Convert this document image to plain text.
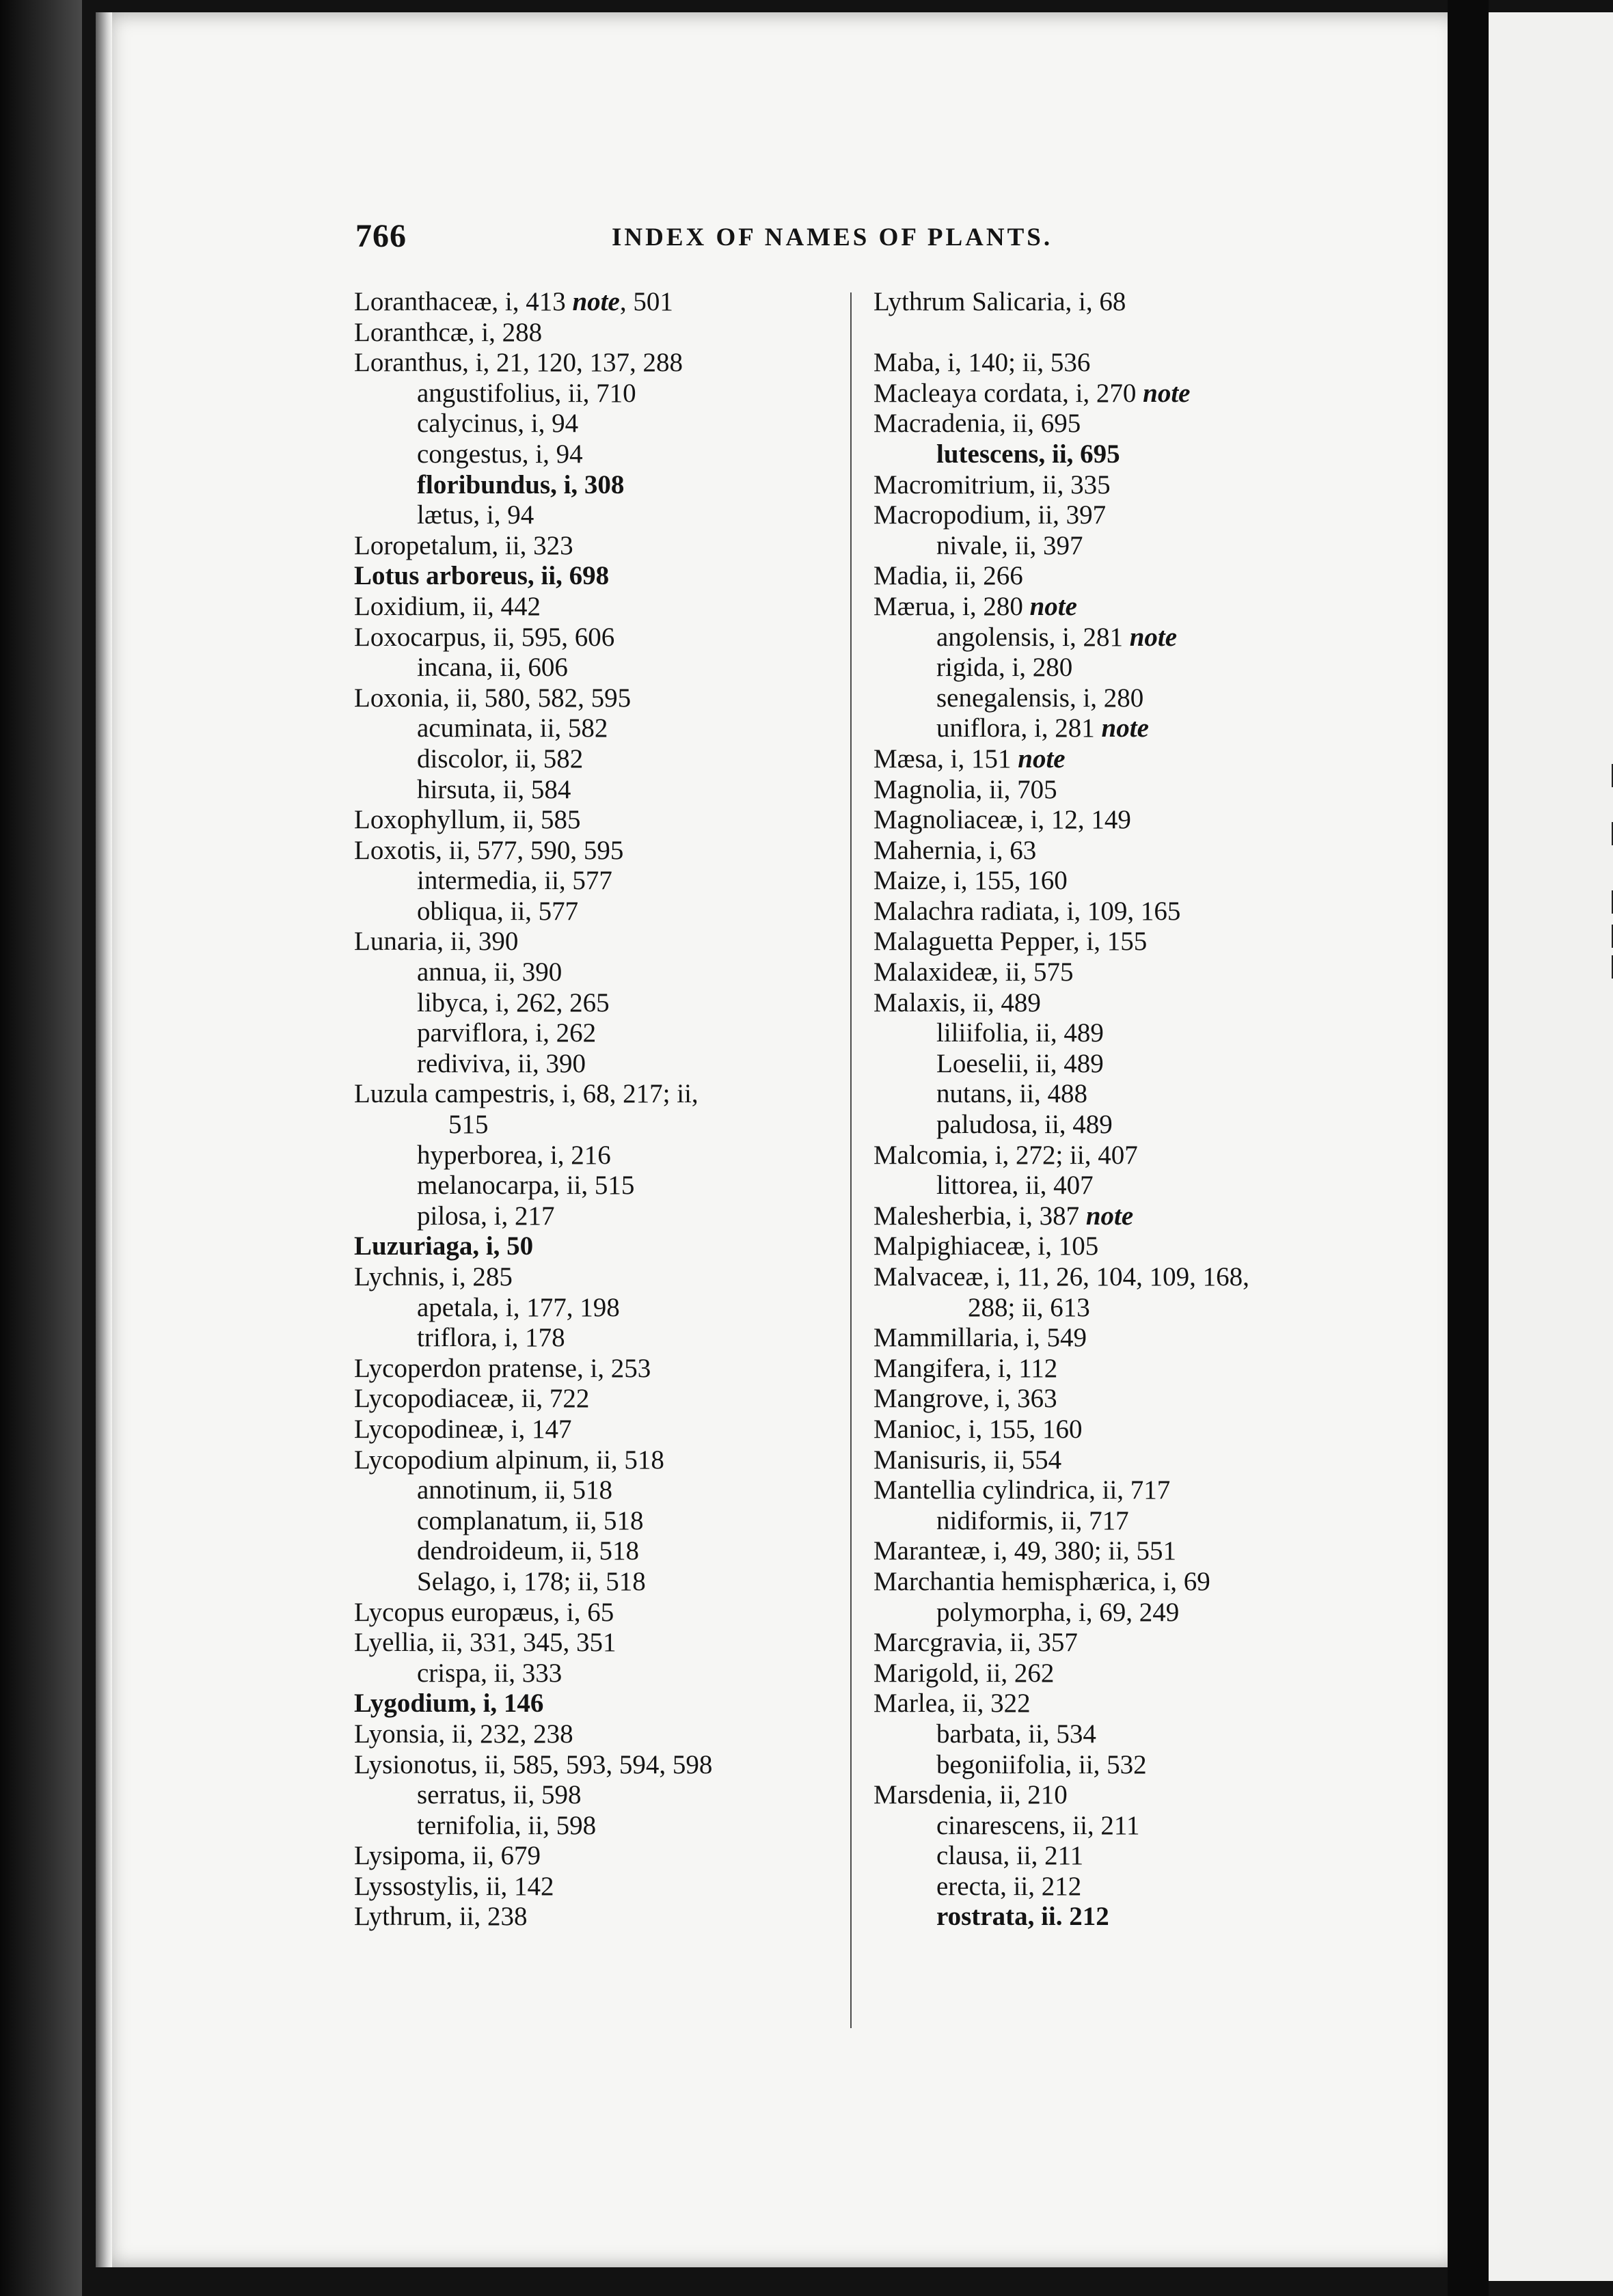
766	INDEX OF NAMES OF PLANTS.
Loranthaceæ, i, 413 note, 501
Loranthcæ, i, 288
Loranthus, i, 21, 120, 137, 288
angustifolius, ii, 710
calycinus, i, 94
congestus, i, 94
floribundus, i, 308
lætus, i, 94
Loropetalum, ii, 323
Lotus arboreus, ii, 698
Loxidium, ii, 442
Loxocarpus, ii, 595, 606
incana, ii, 606
Loxonia, ii, 580, 582, 595
acuminata, ii, 582
discolor, ii, 582
hirsuta, ii, 584
Loxophyllum, ii, 585
Loxotis, ii, 577, 590, 595
intermedia, ii, 577
obliqua, ii, 577
Lunaria, ii, 390
annua, ii, 390
libyca, i, 262, 265
parviflora, i, 262
rediviva, ii, 390
Luzula campestris, i, 68, 217; ii,
515
hyperborea, i, 216
melanocarpa, ii, 515
pilosa, i, 217
Luzuriaga, i, 50
Lychnis, i, 285
apetala, i, 177, 198
triflora, i, 178
Lycoperdon pratense, i, 253
Lycopodiaceæ, ii, 722
Lycopodineæ, i, 147
Lycopodium alpinum, ii, 518
annotinum, ii, 518
complanatum, ii, 518
dendroideum, ii, 518
Selago, i, 178; ii, 518
Lycopus europæus, i, 65
Lyellia, ii, 331, 345, 351
crispa, ii, 333
Lygodium, i, 146
Lyonsia, ii, 232, 238
Lysionotus, ii, 585, 593, 594, 598
serratus, ii, 598
ternifolia, ii, 598
Lysipoma, ii, 679
Lyssostylis, ii, 142
Lythrum, ii, 238
Lythrum Salicaria, i, 68
Maba, i, 140; ii, 536
Macleaya cordata, i, 270 note
Macradenia, ii, 695
lutescens, ii, 695
Macromitrium, ii, 335
Macropodium, ii, 397
nivale, ii, 397
Madia, ii, 266
Mærua, i, 280 note
angolensis, i, 281 note
rigida, i, 280
senegalensis, i, 280
uniflora, i, 281 note
Mæsa, i, 151 note
Magnolia, ii, 705
Magnoliaceæ, i, 12, 149
Mahernia, i, 63
Maize, i, 155, 160
Malachra radiata, i, 109, 165
Malaguetta Pepper, i, 155
Malaxideæ, ii, 575
Malaxis, ii, 489
liliifolia, ii, 489
Loeselii, ii, 489
nutans, ii, 488
paludosa, ii, 489
Malcomia, i, 272; ii, 407
littorea, ii, 407
Malesherbia, i, 387 note
Malpighiaceæ, i, 105
Malvaceæ, i, 11, 26, 104, 109, 168,
288; ii, 613
Mammillaria, i, 549
Mangifera, i, 112
Mangrove, i, 363
Manioc, i, 155, 160
Manisuris, ii, 554
Mantellia cylindrica, ii, 717
nidiformis, ii, 717
Maranteæ, i, 49, 380; ii, 551
Marchantia hemisphærica, i, 69
polymorpha, i, 69, 249
Marcgravia, ii, 357
Marigold, ii, 262
Marlea, ii, 322
barbata, ii, 534
begoniifolia, ii, 532
Marsdenia, ii, 210
cinarescens, ii, 211
clausa, ii, 211
erecta, ii, 212
rostrata, ii. 212
